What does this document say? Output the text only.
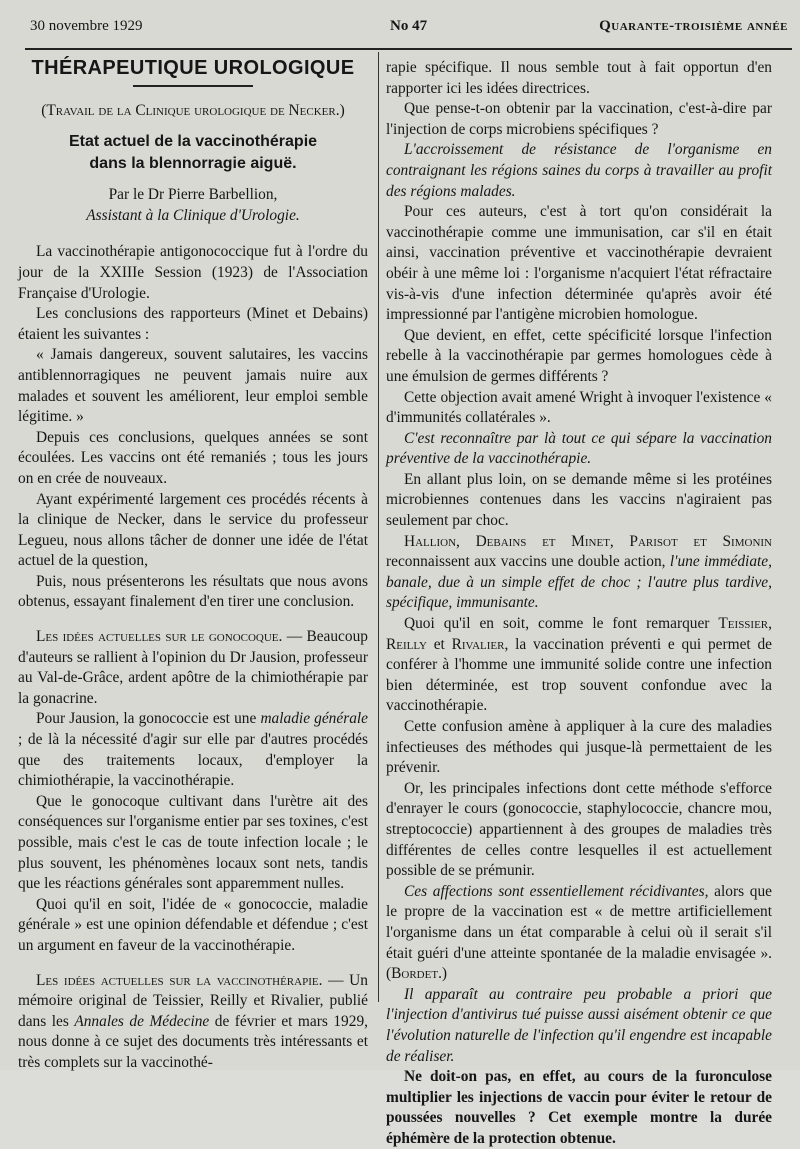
30 novembre 1929	No 47	Quarante-troisième année

THÉRAPEUTIQUE UROLOGIQUE

(Travail de la Clinique urologique de Necker.)

Etat actuel de la vaccinothérapie

dans la blennorragie aiguë.

Par le Dr Pierre Barbellion,

Assistant à la Clinique d'Urologie.

La vaccinothérapie antigonococcique fut à l'ordre du jour de la XXIIIe Session (1923) de l'Association Française d'Urologie.

Les conclusions des rapporteurs (Minet et Debains) étaient les suivantes :

« Jamais dangereux, souvent salutaires, les vaccins antiblennorragiques ne peuvent jamais nuire aux malades et souvent les améliorent, leur emploi semble légitime. »

Depuis ces conclusions, quelques années se sont écoulées. Les vaccins ont été remaniés ; tous les jours on en crée de nouveaux.

Ayant expérimenté largement ces procédés récents à la clinique de Necker, dans le service du professeur Legueu, nous allons tâcher de donner une idée de l'état actuel de la question,

Puis, nous présenterons les résultats que nous avons obtenus, essayant finalement d'en tirer une conclusion.

Les idées actuelles sur le gonocoque. — Beaucoup d'auteurs se rallient à l'opinion du Dr Jausion, professeur au Val-de-Grâce, ardent apôtre de la chimiothérapie par la gonacrine.

Pour Jausion, la gonococcie est une maladie générale ; de là la nécessité d'agir sur elle par d'autres procédés que des traitements locaux, d'employer la chimiothérapie, la vaccinothérapie.

Que le gonocoque cultivant dans l'urètre ait des conséquences sur l'organisme entier par ses toxines, c'est possible, mais c'est le cas de toute infection locale ; le plus souvent, les phénomènes locaux sont nets, tandis que les réactions générales sont apparemment nulles.

Quoi qu'il en soit, l'idée de « gonococcie, maladie générale » est une opinion défendable et défendue ; c'est un argument en faveur de la vaccinothérapie.

Les idées actuelles sur la vaccinothérapie. — Un mémoire original de Teissier, Reilly et Rivalier, publié dans les Annales de Médecine de février et mars 1929, nous donne à ce sujet des documents très intéressants et très complets sur la vaccinothé-

rapie spécifique. Il nous semble tout à fait opportun d'en rapporter ici les idées directrices.

Que pense-t-on obtenir par la vaccination, c'est-à-dire par l'injection de corps microbiens spécifiques ?

L'accroissement de résistance de l'organisme en contraignant les régions saines du corps à travailler au profit des régions malades.

Pour ces auteurs, c'est à tort qu'on considérait la vaccinothérapie comme une immunisation, car s'il en était ainsi, vaccination préventive et vaccinothérapie devraient obéir à une même loi : l'organisme n'acquiert l'état réfractaire vis-à-vis d'une infection déterminée qu'après avoir été impressionné par l'antigène microbien homologue.

Que devient, en effet, cette spécificité lorsque l'infection rebelle à la vaccinothérapie par germes homologues cède à une émulsion de germes différents ?

Cette objection avait amené Wright à invoquer l'existence « d'immunités collatérales ».

C'est reconnaître par là tout ce qui sépare la vaccination préventive de la vaccinothérapie.

En allant plus loin, on se demande même si les protéines microbiennes contenues dans les vaccins n'agiraient pas seulement par choc.

Hallion, Debains et Minet, Parisot et Simonin reconnaissent aux vaccins une double action, l'une immédiate, banale, due à un simple effet de choc ; l'autre plus tardive, spécifique, immunisante.

Quoi qu'il en soit, comme le font remarquer Teissier, Reilly et Rivalier, la vaccination préventi e qui permet de conférer à l'homme une immunité solide contre une infection bien déterminée, est trop souvent confondue avec la vaccinothérapie.

Cette confusion amène à appliquer à la cure des maladies infectieuses des méthodes qui jusque-là permettaient de les prévenir.

Or, les principales infections dont cette méthode s'efforce d'enrayer le cours (gonococcie, staphylococcie, chancre mou, streptococcie) appartiennent à des groupes de maladies très différentes de celles contre lesquelles il est actuellement possible de se prémunir.

Ces affections sont essentiellement récidivantes, alors que le propre de la vaccination est « de mettre artificiellement l'organisme dans un état comparable à celui où il serait s'il était guéri d'une atteinte spontanée de la maladie envisagée ». (Bordet.)

Il apparaît au contraire peu probable a priori que l'injection d'antivirus tué puisse aussi aisément obtenir ce que l'évolution naturelle de l'infection qu'il engendre est incapable de réaliser.

Ne doit-on pas, en effet, au cours de la furonculose multiplier les injections de vaccin pour éviter le retour de poussées nouvelles ? Cet exemple montre la durée éphémère de la protection obtenue.
